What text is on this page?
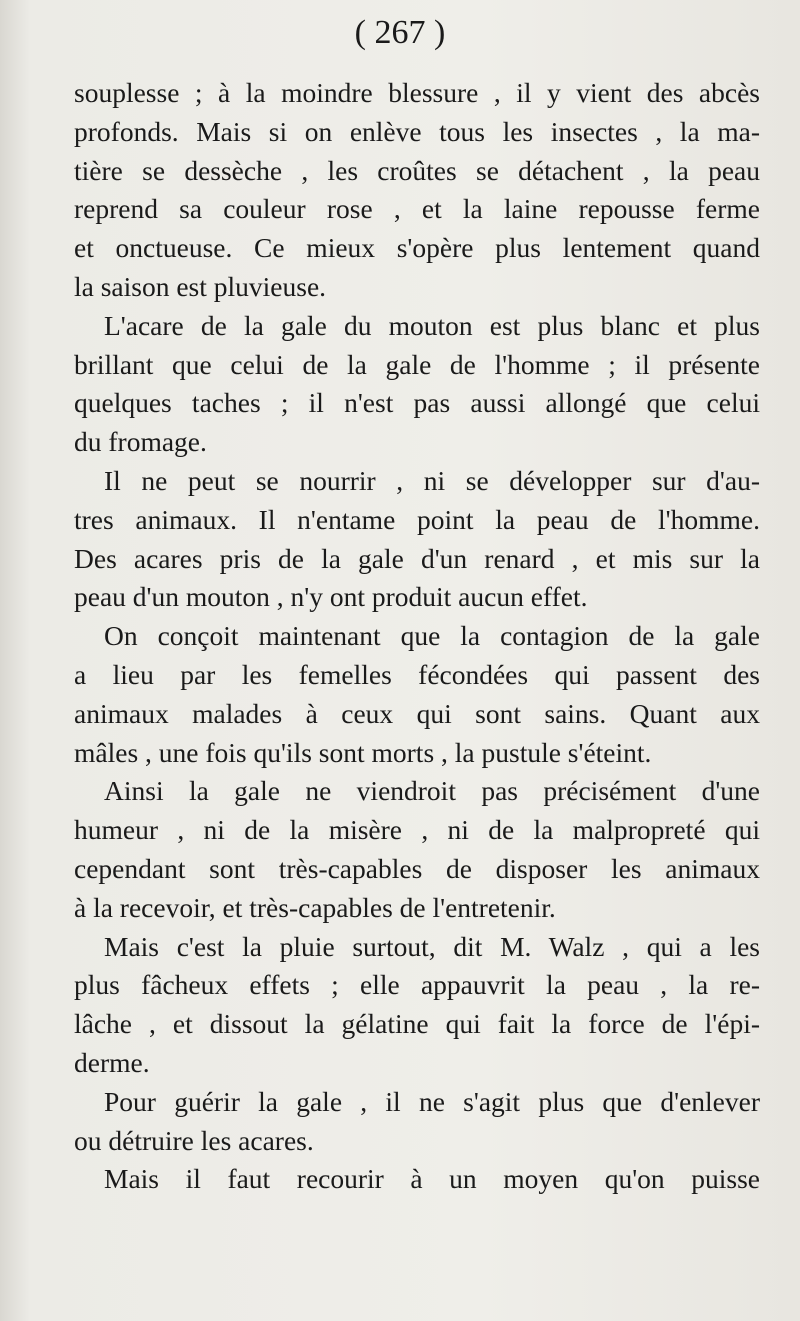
( 267 )
souplesse ; à la moindre blessure , il y vient des abcès
profonds. Mais si on enlève tous les insectes , la ma-
tière se dessèche , les croûtes se détachent , la peau
reprend sa couleur rose , et la laine repousse ferme
et onctueuse. Ce mieux s'opère plus lentement quand
la saison est pluvieuse.
L'acare de la gale du mouton est plus blanc et plus
brillant que celui de la gale de l'homme ; il présente
quelques taches ; il n'est pas aussi allongé que celui
du fromage.
Il ne peut se nourrir , ni se développer sur d'au-
tres animaux. Il n'entame point la peau de l'homme.
Des acares pris de la gale d'un renard , et mis sur la
peau d'un mouton , n'y ont produit aucun effet.
On conçoit maintenant que la contagion de la gale
a lieu par les femelles fécondées qui passent des
animaux malades à ceux qui sont sains. Quant aux
mâles , une fois qu'ils sont morts , la pustule s'éteint.
Ainsi la gale ne viendroit pas précisément d'une
humeur , ni de la misère , ni de la malpropreté qui
cependant sont très-capables de disposer les animaux
à la recevoir, et très-capables de l'entretenir.
Mais c'est la pluie surtout, dit M. Walz , qui a les
plus fâcheux effets ; elle appauvrit la peau , la re-
lâche , et dissout la gélatine qui fait la force de l'épi-
derme.
Pour guérir la gale , il ne s'agit plus que d'enlever
ou détruire les acares.
Mais il faut recourir à un moyen qu'on puisse
